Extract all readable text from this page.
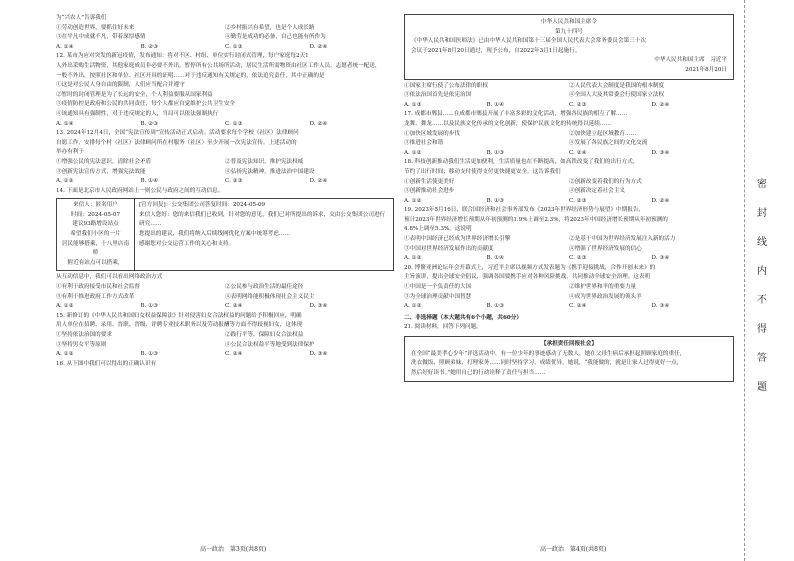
为“兴农人”告诉我们
①劳动创造世界，要抓住好未来	②乡村振兴有希望，也是个人成长路
③在平凡中成就不凡，带着深厚感情	④勤劳是成功的必备，自己也能有所作为
A. ①④	B. ②③	C. ①③	D. ②④
12. 某市为应对突发的新冠疫情，发布通知：将对不区、村组、单位实行封闭式管理，每户家庭每2天1
人外出采购生活物资，其他家庭成员非必要不外出，暂停所有公共场所活动，居民生活所需物资由社区工作人员、志愿者统一配送，
一般不外出，按照社区和单位、社区开具的证明……对于违反通知有关规定的，依法追究责任，其中正确的是
①这是对公民人身自由的限制，人们应当配合并遵守
②暂时的封闭管理是为了长远的安全，个人利益要服从国家利益
③疫情防控是政府和公民的共同责任，每个人都应自觉维护公共卫生安全
④该通知具有强制性，对于违反规定的人，当局可以依法强制执行
A. ①④	B. ②③	C. ①③	D. ②④
13. 2024年12月4日，全国“宪法宣传周”宣传活动正式启动。活动要求每个学校（社区）法律顾问
自愿工作，安排每个村（社区）法律顾问所在村服务（社区）至少开展一次宪法宣传。上述活动的
举办有利于
①增强公民的宪法意识，清除社会矛盾	②普及宪法知识，推护宪法权威
③创新宪法宣传方式，增强宪法效能	④弘扬宪法精神，推进法治中国建设
A. ①②	B. ①④	C. ②③	D. ②④
14. 下面是北京市人民政府网站上一则公民与政府之间的互动信息。
来信人：匿名用户
时间：2024-05-07
建议93路增设站点
希望我们小区的一片
居民能够搭乘，十八里店南桥
附近有站点可以搭乘，
[官方回复]：公交集团公司答复时间：2024-05-09
来信人您好：您的来信我们已收到，针对您的意见，我们已对所提出的诉求，交由公交集团公司进行研究……
您提出的建议，我们将纳入后续线网优化方案中统筹考虑……
感谢您对公交运营工作的关心和支持。
从互动信息中，我们可以看出网络政治方式
①有利于政府接受市民和社会监督	②公民参与政治生活的最佳途径
③有利于推进政府工作方式改革	④表明网络能积极体现社会主义民主
A. ①②	B. ①③	C. ②④	D. ③④
15. 新修订的《中华人民共和国妇女权益保障法》针对侵害妇女合法权益的问题给予积极回应，明确
用人单位在招聘、录用、晋职、晋级、评聘专业技术职务以及劳动报酬等方面不得歧视妇女，这体现
①坚持依法治国的要求	②践行平等，保障妇女合法权益
③坚持男女平等原则	④公民合法权益平等地受到法律保护
A. ①②	B. ①③	C. ②④	D. ③④
16. 从下图中我们可以得出的正确认识有
高一政治　第3页(共8页)
中华人民共和国主席令
第九十四号
《中华人民共和国医师法》已由中华人民共和国第十三届全国人民代表大会常务委员会第三十次
会议于2021年8月20日通过，现予公布，自2022年3月1日起施行。
中华人民共和国主席　习近平
2021年8月20日
①国家主席行使了公布法律的职权	②人民代表大会制度是我国的根本制度
③依法治国首先是依宪治国	④全国人大及其常委会行使国家立法权
A. ①③	B. ①④	C. ②③	D. ②④
17. 成都市郫县……在成都市郫县开展了丰富多彩的文化活动，增强各民族的相互了解……
龙舞、舞龙……以及民族文化传承的文化创新，使保护民族文化的传统得以延续……
①加快区域发展的步伐	②加快建立起区域教育……
③推进社会和谐	④发展了各民族之间的文化交流
A. ①②	B. ①③	C. ②④	D. ③④
18. 科技创新推动我们生活更加便利，生活质量也在不断提高，如高铁改变了我们的出行方式，
节约了出行时间；移动支付使得支付更快捷更安全。这告诉我们
①创新生活使更美好	②创新改变着我们的行为方式
③创新推动社会进步	④创新决定着社会主义
A. ①②	B. ①③	C. ②③	D. ②④
19. 2023年5月16日，联合国经济和社会事务部发布《2023年世界经济形势与展望》中期报告，
预计2023年世界经济增长预期从年初预测的1.9%上调至2.3%，将2023年中国经济增长预期从年初预测的
4.8%上调至5.3%。这说明
①表明中国经济已经成为世界经济增长引擎	②是基于中国为世界经济发展注入新的活力
③中国对世界经济发展作出的贡献度	④增强了世界经济发展的信心
A. ①②	B. ①④	C. ②③	D. ③④
20. 博鳌亚洲论坛年会开幕式上，习近平主席以视频方式发表题为《携手迎接挑战，合作开创未来》的
主旨演讲，提出全球安全倡议，强调各国要携手应对各种风险挑战，共同推动全球安全治理。这表明
①中国是一个负责任的大国	②维护世界和平的重要力量
③为全球治理贡献中国智慧	④成为世界政治发展的领头羊
A. ①②	B. ①③	C. ②④	D. ③④
二、非选择题（本大题共有6个小题，共60分）
21. 阅读材料，回答下列问题。
【承担责任回报社会】
在全国“最美孝心少年”评选活动中，有一位少年的事迹感动了无数人，她在父母生病后承担起照顾家庭的重任，
洗衣做饭、照顾弟妹、打理家务……同时坚持学习，成绩优异。她说，“我能做的，就是让家人过得更好一点，
然后好好读书。”她用自己的行动诠释了责任与担当……
高一政治　第4页(共8页)
密
封
线
内
不
得
答
题
